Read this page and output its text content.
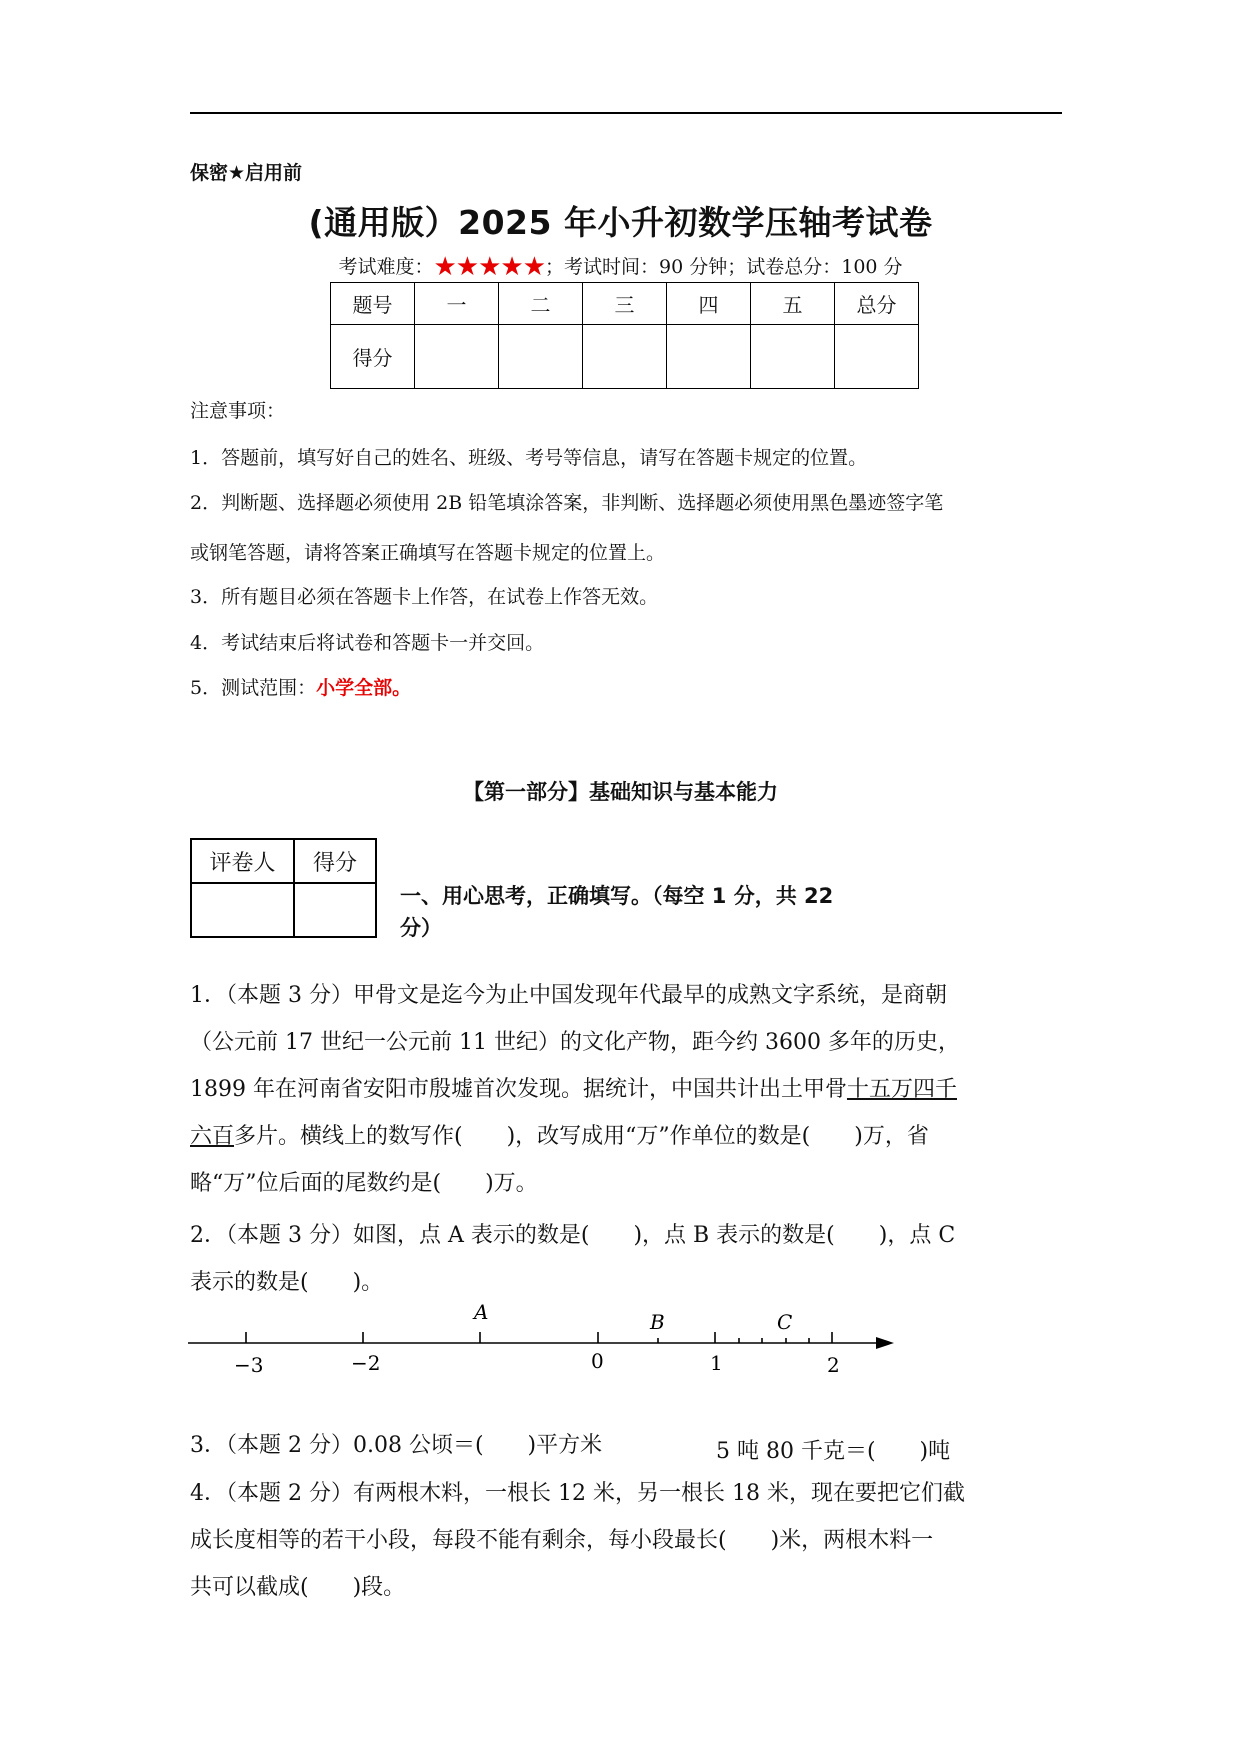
保密★启用前
(通用版）2025 年小升初数学压轴考试卷
考试难度：★★★★★；考试时间：90 分钟；试卷总分：100 分
题号	一	二	三	四	五	总分
得分						
注意事项：
1．答题前，填写好自己的姓名、班级、考号等信息，请写在答题卡规定的位置。
2．判断题、选择题必须使用 2B 铅笔填涂答案，非判断、选择题必须使用黑色墨迹签字笔
或钢笔答题，请将答案正确填写在答题卡规定的位置上。
3．所有题目必须在答题卡上作答，在试卷上作答无效。
4．考试结束后将试卷和答题卡一并交回。
5．测试范围：小学全部。
【第一部分】基础知识与基本能力
评卷人	得分

一、用心思考，正确填写。（每空 1 分，共 22
分）
1．（本题 3 分）甲骨文是迄今为止中国发现年代最早的成熟文字系统，是商朝
（公元前 17 世纪一公元前 11 世纪）的文化产物，距今约 3600 多年的历史，
1899 年在河南省安阳市殷墟首次发现。据统计，中国共计出土甲骨十五万四千
六百多片。横线上的数写作(　　)，改写成用“万”作单位的数是(　　)万，省
略“万”位后面的尾数约是(　　)万。
2．（本题 3 分）如图，点 A 表示的数是(　　)，点 B 表示的数是(　　)，点 C
表示的数是(　　)。
−3	−2	0	1	2
A	B	C
3．（本题 2 分）0.08 公顷＝(　　)平方米	5 吨 80 千克＝(　　)吨
4．（本题 2 分）有两根木料，一根长 12 米，另一根长 18 米，现在要把它们截
成长度相等的若干小段，每段不能有剩余，每小段最长(　　)米，两根木料一
共可以截成(　　)段。
